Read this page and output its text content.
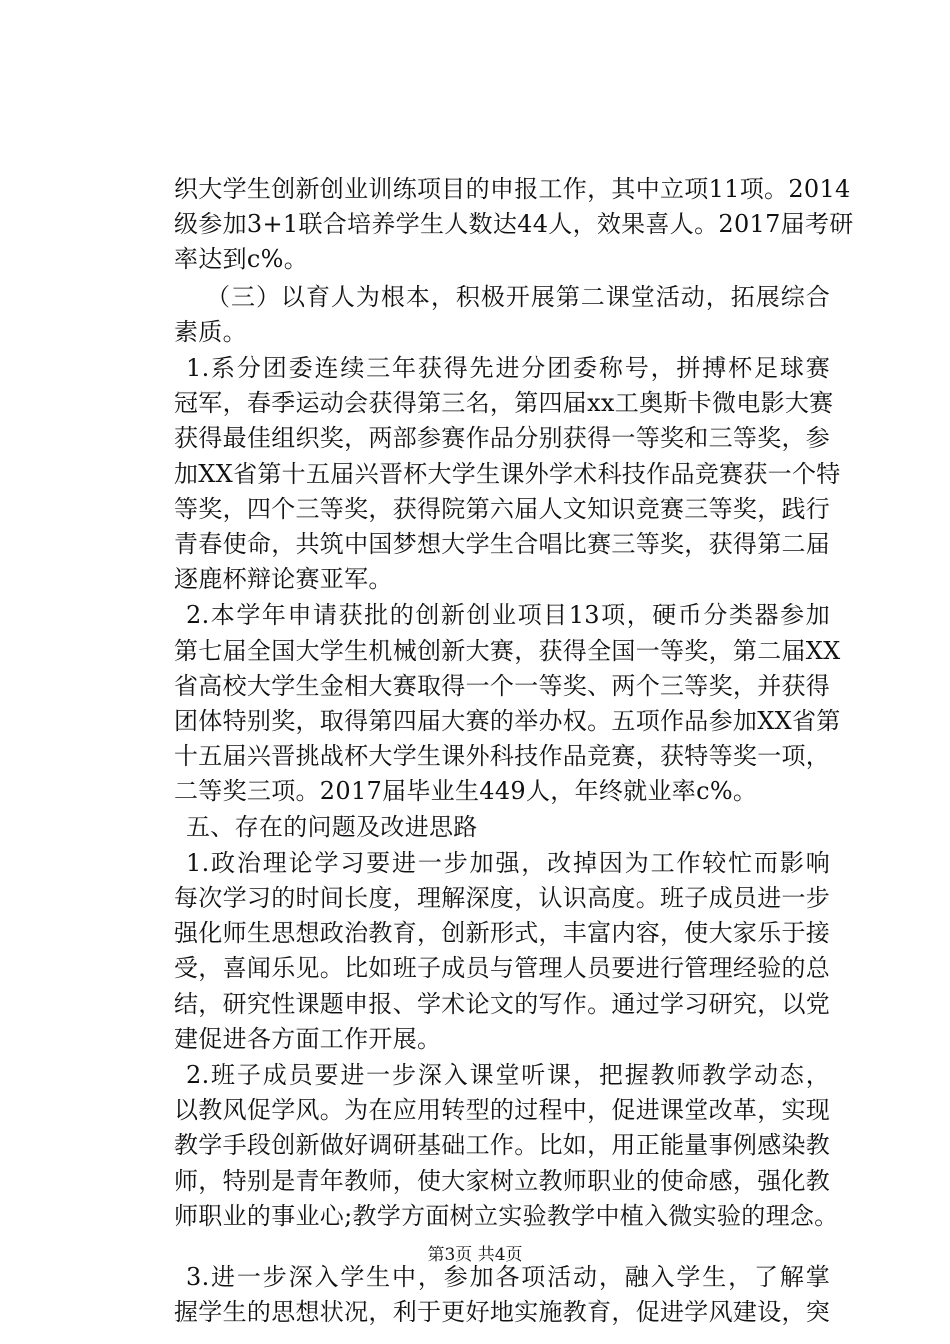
织大学生创新创业训练项目的申报工作，其中立项11项。2014
级参加3+1联合培养学生人数达44人，效果喜人。2017届考研
率达到c%。
（三）以育人为根本，积极开展第二课堂活动，拓展综合
素质。
1.系分团委连续三年获得先进分团委称号，拼搏杯足球赛
冠军，春季运动会获得第三名，第四届xx工奥斯卡微电影大赛
获得最佳组织奖，两部参赛作品分别获得一等奖和三等奖，参
加XX省第十五届兴晋杯大学生课外学术科技作品竞赛获一个特
等奖，四个三等奖，获得院第六届人文知识竞赛三等奖，践行
青春使命，共筑中国梦想大学生合唱比赛三等奖，获得第二届
逐鹿杯辩论赛亚军。
2.本学年申请获批的创新创业项目13项，硬币分类器参加
第七届全国大学生机械创新大赛，获得全国一等奖，第二届XX
省高校大学生金相大赛取得一个一等奖、两个三等奖，并获得
团体特别奖，取得第四届大赛的举办权。五项作品参加XX省第
十五届兴晋挑战杯大学生课外科技作品竞赛，获特等奖一项，
二等奖三项。2017届毕业生449人，年终就业率c%。
五、存在的问题及改进思路
1.政治理论学习要进一步加强，改掉因为工作较忙而影响
每次学习的时间长度，理解深度，认识高度。班子成员进一步
强化师生思想政治教育，创新形式，丰富内容，使大家乐于接
受，喜闻乐见。比如班子成员与管理人员要进行管理经验的总
结，研究性课题申报、学术论文的写作。通过学习研究，以党
建促进各方面工作开展。
2.班子成员要进一步深入课堂听课，把握教师教学动态，
以教风促学风。为在应用转型的过程中，促进课堂改革，实现
教学手段创新做好调研基础工作。比如，用正能量事例感染教
师，特别是青年教师，使大家树立教师职业的使命感，强化教
师职业的事业心;教学方面树立实验教学中植入微实验的理念。
3.进一步深入学生中，参加各项活动，融入学生，了解掌
握学生的思想状况，利于更好地实施教育，促进学风建设，突
第3页 共4页
